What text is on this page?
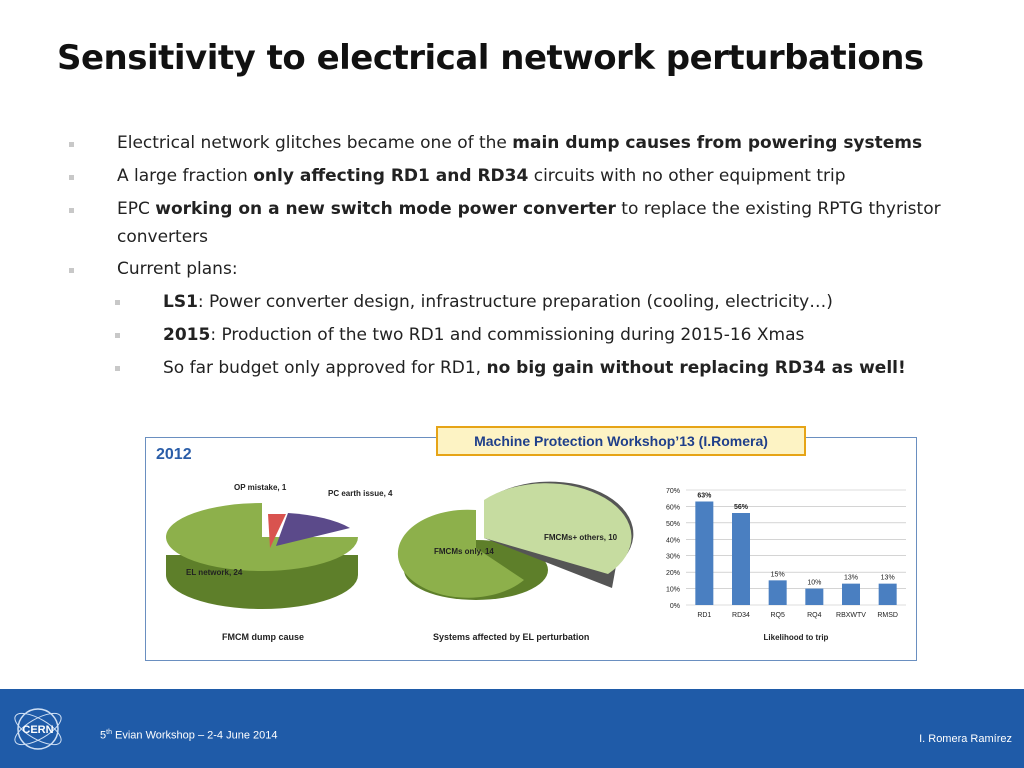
Sensitivity to electrical network perturbations
Electrical network glitches became one of the main dump causes from powering systems
A large fraction only affecting RD1 and RD34 circuits with no other equipment trip
EPC working on a new switch mode power converter to replace the existing RPTG thyristor
converters
Current plans:
LS1: Power converter design, infrastructure preparation (cooling, electricity…)
2015: Production of the two RD1 and commissioning during 2015-16 Xmas
So far budget only approved for RD1, no big gain without replacing RD34 as well!
2012
OP mistake, 1
PC earth issue, 4
EL network, 24
FMCM dump cause
FMCMs only, 14
FMCMs+ others, 10
Systems affected by EL perturbation
0%
10%
20%
30%
40%
50%
60%
70%
63%
RD1
56%
RD34
15%
RQ5
10%
RQ4
13%
RBXWTV
13%
RMSD
Likelihood to trip
Machine Protection Workshop’13 (I.Romera)
CERN	5th Evian Workshop – 2-4 June 2014	I. Romera Ramírez
